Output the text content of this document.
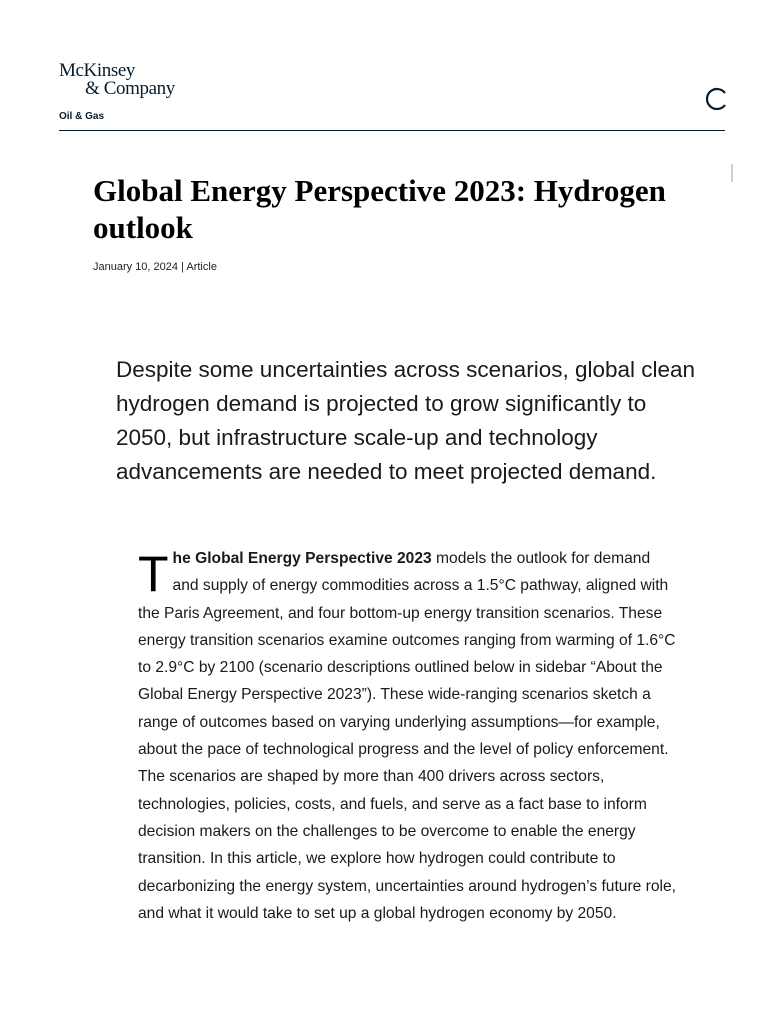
McKinsey
& Company
Oil & Gas
Global Energy Perspective 2023: Hydrogen outlook
January 10, 2024 | Article

Despite some uncertainties across scenarios, global clean hydrogen demand is projected to grow significantly to 2050, but infrastructure scale-up and technology advancements are needed to meet projected demand.

The Global Energy Perspective 2023 models the outlook for demand and supply of energy commodities across a 1.5°C pathway, aligned with the Paris Agreement, and four bottom-up energy transition scenarios. These energy transition scenarios examine outcomes ranging from warming of 1.6°C to 2.9°C by 2100 (scenario descriptions outlined below in sidebar “About the Global Energy Perspective 2023”). These wide-ranging scenarios sketch a range of outcomes based on varying underlying assumptions—for example, about the pace of technological progress and the level of policy enforcement. The scenarios are shaped by more than 400 drivers across sectors, technologies, policies, costs, and fuels, and serve as a fact base to inform decision makers on the challenges to be overcome to enable the energy transition. In this article, we explore how hydrogen could contribute to decarbonizing the energy system, uncertainties around hydrogen’s future role, and what it would take to set up a global hydrogen economy by 2050.
